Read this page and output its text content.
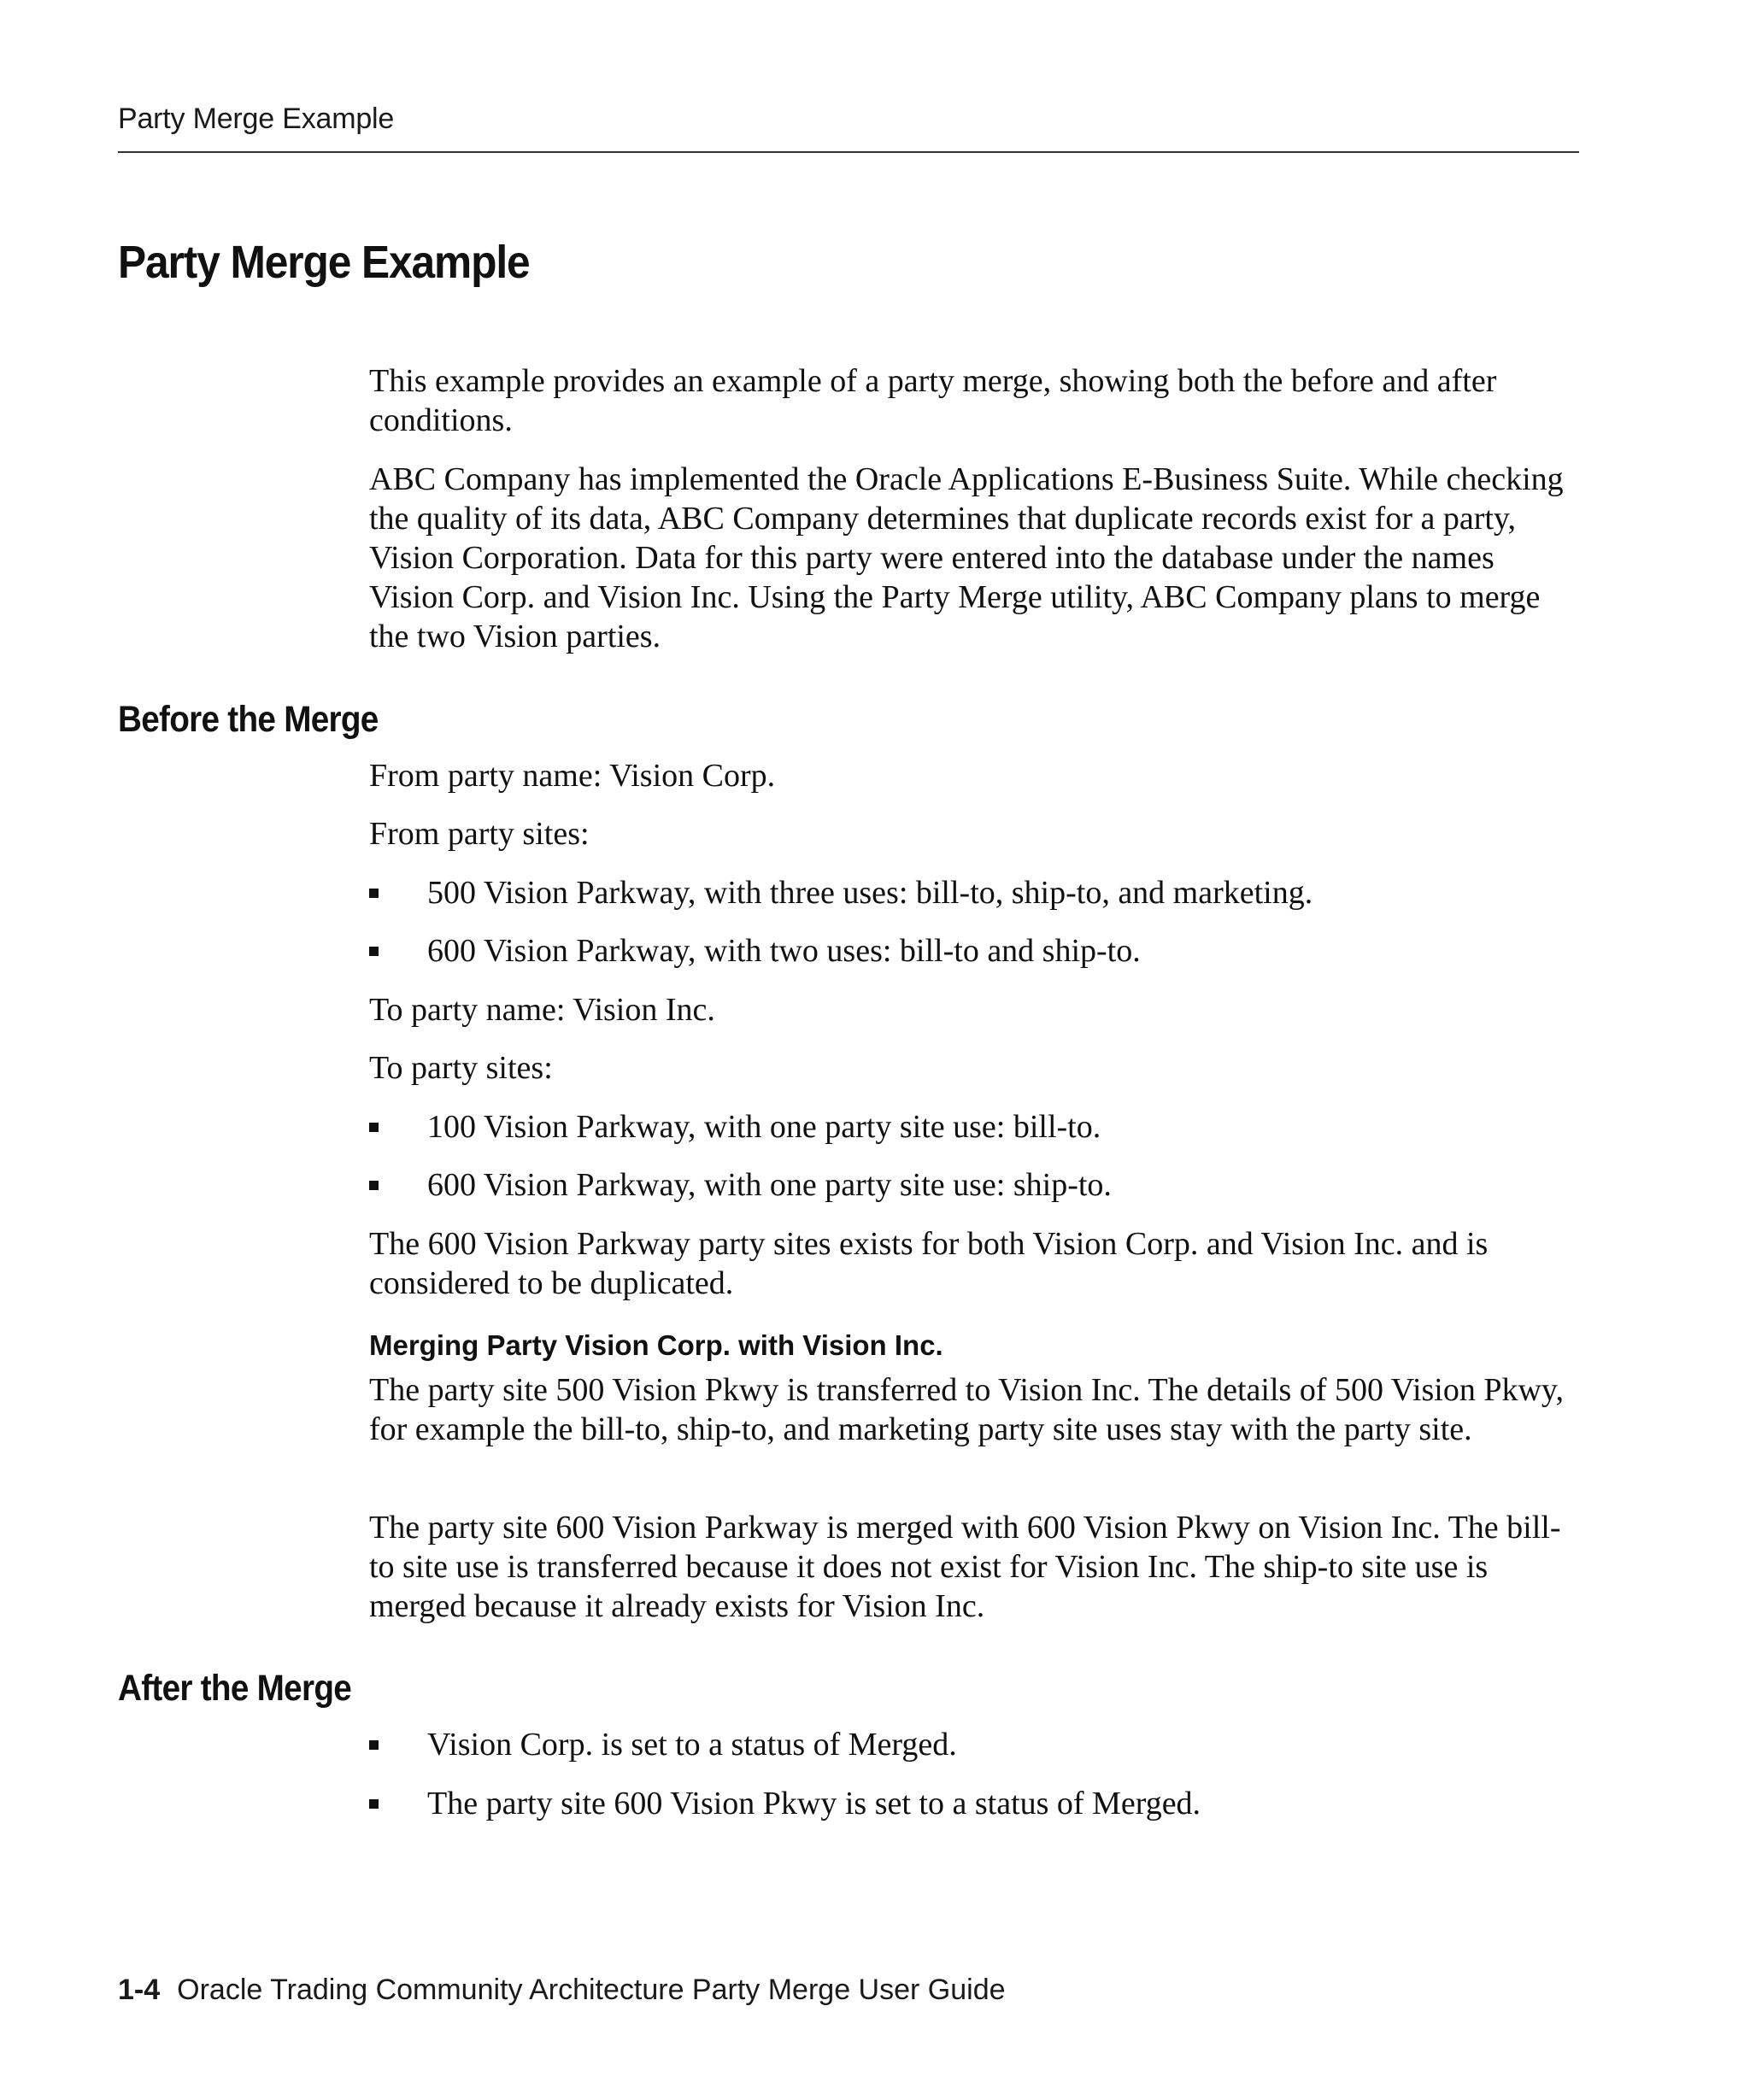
Party Merge Example
Party Merge Example

This example provides an example of a party merge, showing both the before and after conditions.

ABC Company has implemented the Oracle Applications E-Business Suite. While checking the quality of its data, ABC Company determines that duplicate records exist for a party, Vision Corporation. Data for this party were entered into the database under the names Vision Corp. and Vision Inc. Using the Party Merge utility, ABC Company plans to merge the two Vision parties.

Before the Merge

From party name: Vision Corp.

From party sites:

500 Vision Parkway, with three uses: bill-to, ship-to, and marketing.
600 Vision Parkway, with two uses: bill-to and ship-to.

To party name: Vision Inc.

To party sites:

100 Vision Parkway, with one party site use: bill-to.
600 Vision Parkway, with one party site use: ship-to.

The 600 Vision Parkway party sites exists for both Vision Corp. and Vision Inc. and is considered to be duplicated.

Merging Party Vision Corp. with Vision Inc.

The party site 500 Vision Pkwy is transferred to Vision Inc. The details of 500 Vision Pkwy, for example the bill-to, ship-to, and marketing party site uses stay with the party site.

The party site 600 Vision Parkway is merged with 600 Vision Pkwy on Vision Inc. The bill-to site use is transferred because it does not exist for Vision Inc. The ship-to site use is merged because it already exists for Vision Inc.

After the Merge
Vision Corp. is set to a status of Merged.
The party site 600 Vision Pkwy is set to a status of Merged.
1-4 Oracle Trading Community Architecture Party Merge User Guide
